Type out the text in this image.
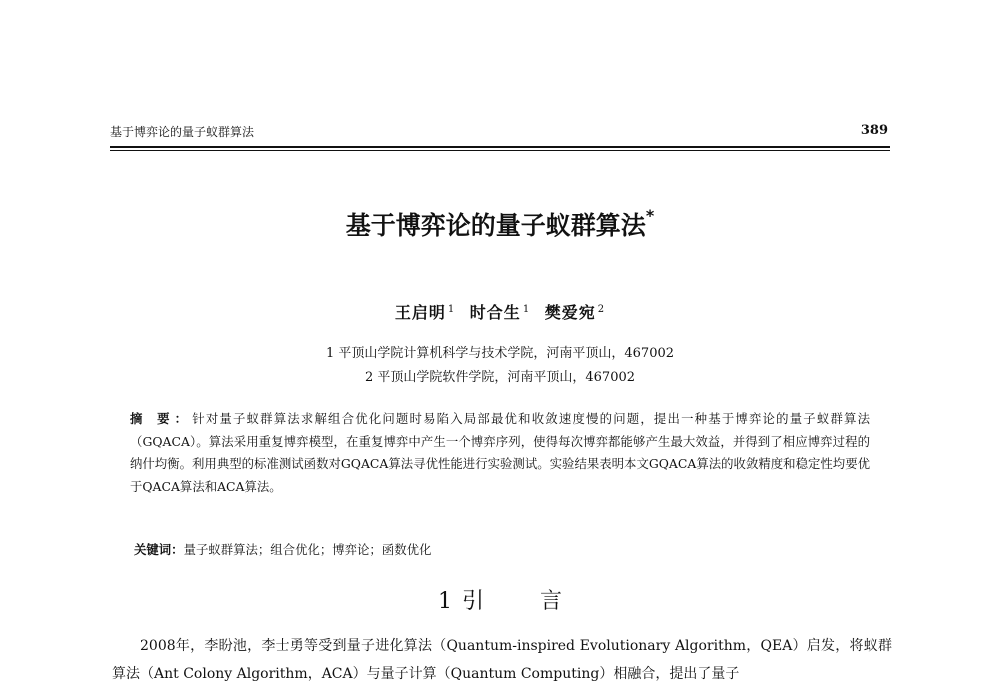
基于博弈论的量子蚁群算法	389
基于博弈论的量子蚁群算法*
王启明 $^1$ 时合生 $^1$ 樊爱宛 $^2$
1 平顶山学院计算机科学与技术学院，河南平顶山，467002
2 平顶山学院软件学院，河南平顶山，467002
摘 要：针对量子蚁群算法求解组合优化问题时易陷入局部最优和收敛速度慢的问题，提出一种基于博弈论的量子蚁群算法（GQACA）。算法采用重复博弈模型，在重复博弈中产生一个博弈序列，使得每次博弈都能够产生最大效益，并得到了相应博弈过程的纳什均衡。利用典型的标准测试函数对GQACA算法寻优性能进行实验测试。实验结果表明本文GQACA算法的收敛精度和稳定性均要优于QACA算法和ACA算法。
关键词：量子蚁群算法；组合优化；博弈论；函数优化
1 引	言
2008年，李盼池，李士勇等受到量子进化算法（Quantum-inspired Evolutionary Algorithm，QEA）启发，将蚁群算法（Ant Colony Algorithm，ACA）与量子计算（Quantum Computing）相融合，提出了量子
